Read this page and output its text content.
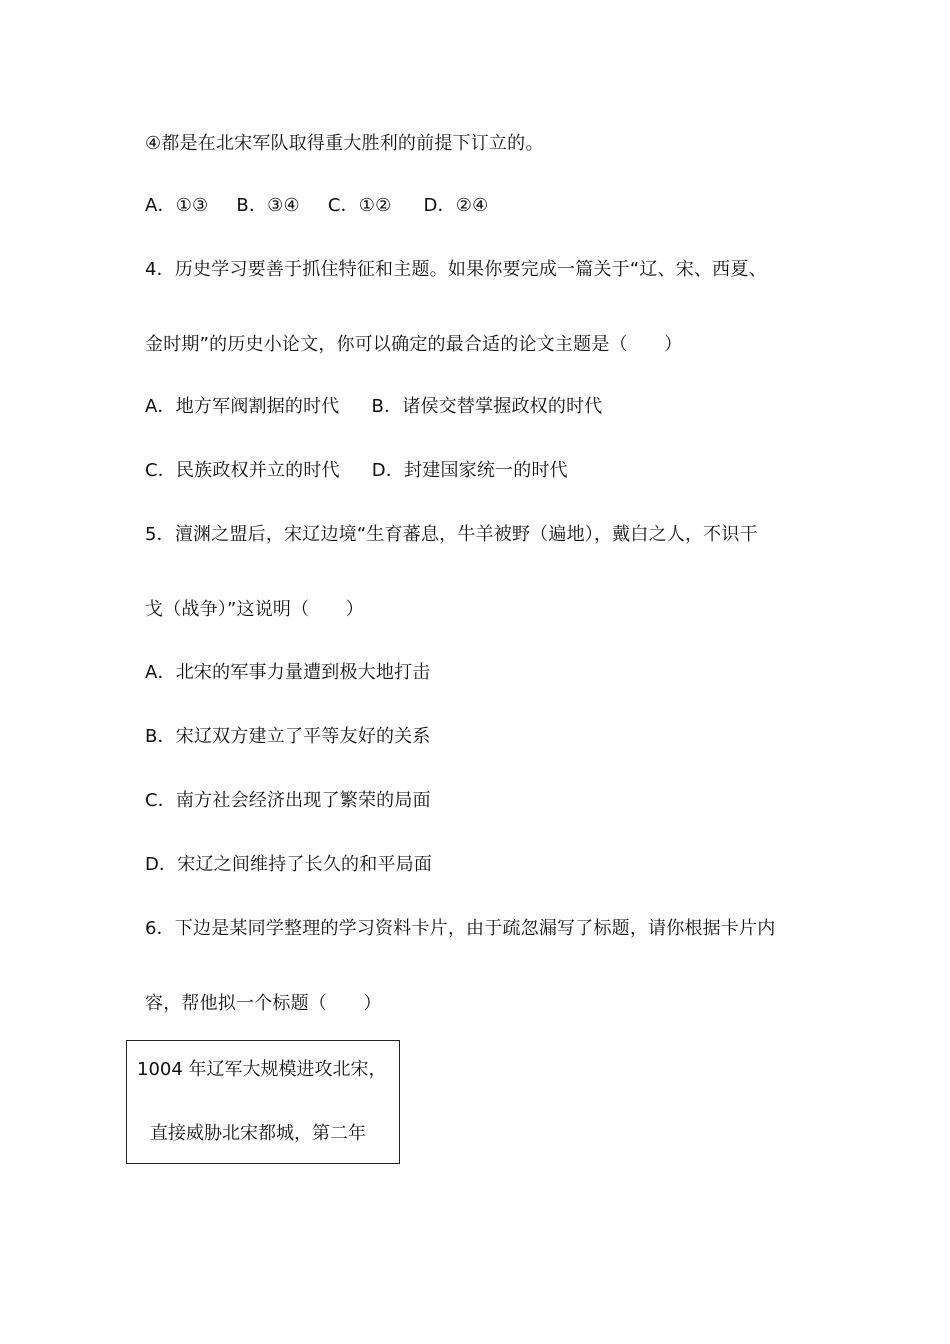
④都是在北宋军队取得重大胜利的前提下订立的。
A．①③ B．③④ C．①② D．②④
4．历史学习要善于抓住特征和主题。如果你要完成一篇关于“辽、宋、西夏、
金时期”的历史小论文，你可以确定的最合适的论文主题是（　　）
A．地方军阀割据的时代 B．诸侯交替掌握政权的时代
C．民族政权并立的时代 D．封建国家统一的时代
5．澶渊之盟后，宋辽边境“生育蕃息，牛羊被野（遍地），戴白之人，不识干
戈（战争）”这说明（　　）
A．北宋的军事力量遭到极大地打击
B．宋辽双方建立了平等友好的关系
C．南方社会经济出现了繁荣的局面
D．宋辽之间维持了长久的和平局面
6．下边是某同学整理的学习资料卡片，由于疏忽漏写了标题，请你根据卡片内
容，帮他拟一个标题（　　）
1004 年辽军大规模进攻北宋，
直接威胁北宋都城，第二年
